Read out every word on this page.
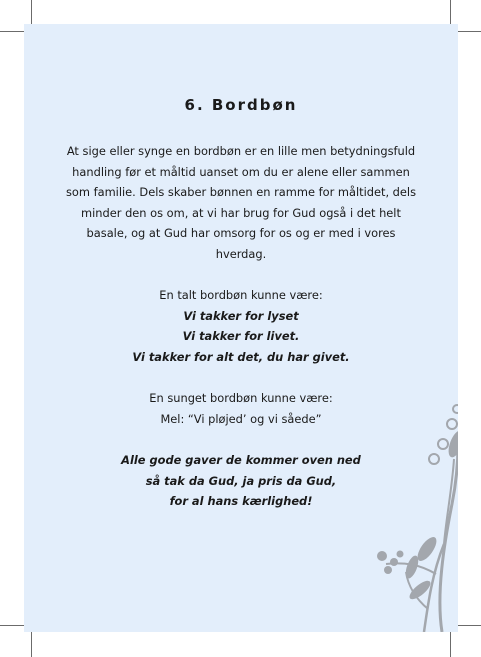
6. Bordbøn

At sige eller synge en bordbøn er en lille men betydningsfuld handling før et måltid uanset om du er alene eller sammen som familie. Dels skaber bønnen en ramme for måltidet, dels minder den os om, at vi har brug for Gud også i det helt basale, og at Gud har omsorg for os og er med i vores hverdag.

En talt bordbøn kunne være:
Vi takker for lyset
Vi takker for livet.
Vi takker for alt det, du har givet.

En sunget bordbøn kunne være:
Mel: “Vi pløjed’ og vi såede”

Alle gode gaver de kommer oven ned
så tak da Gud, ja pris da Gud,
for al hans kærlighed!
